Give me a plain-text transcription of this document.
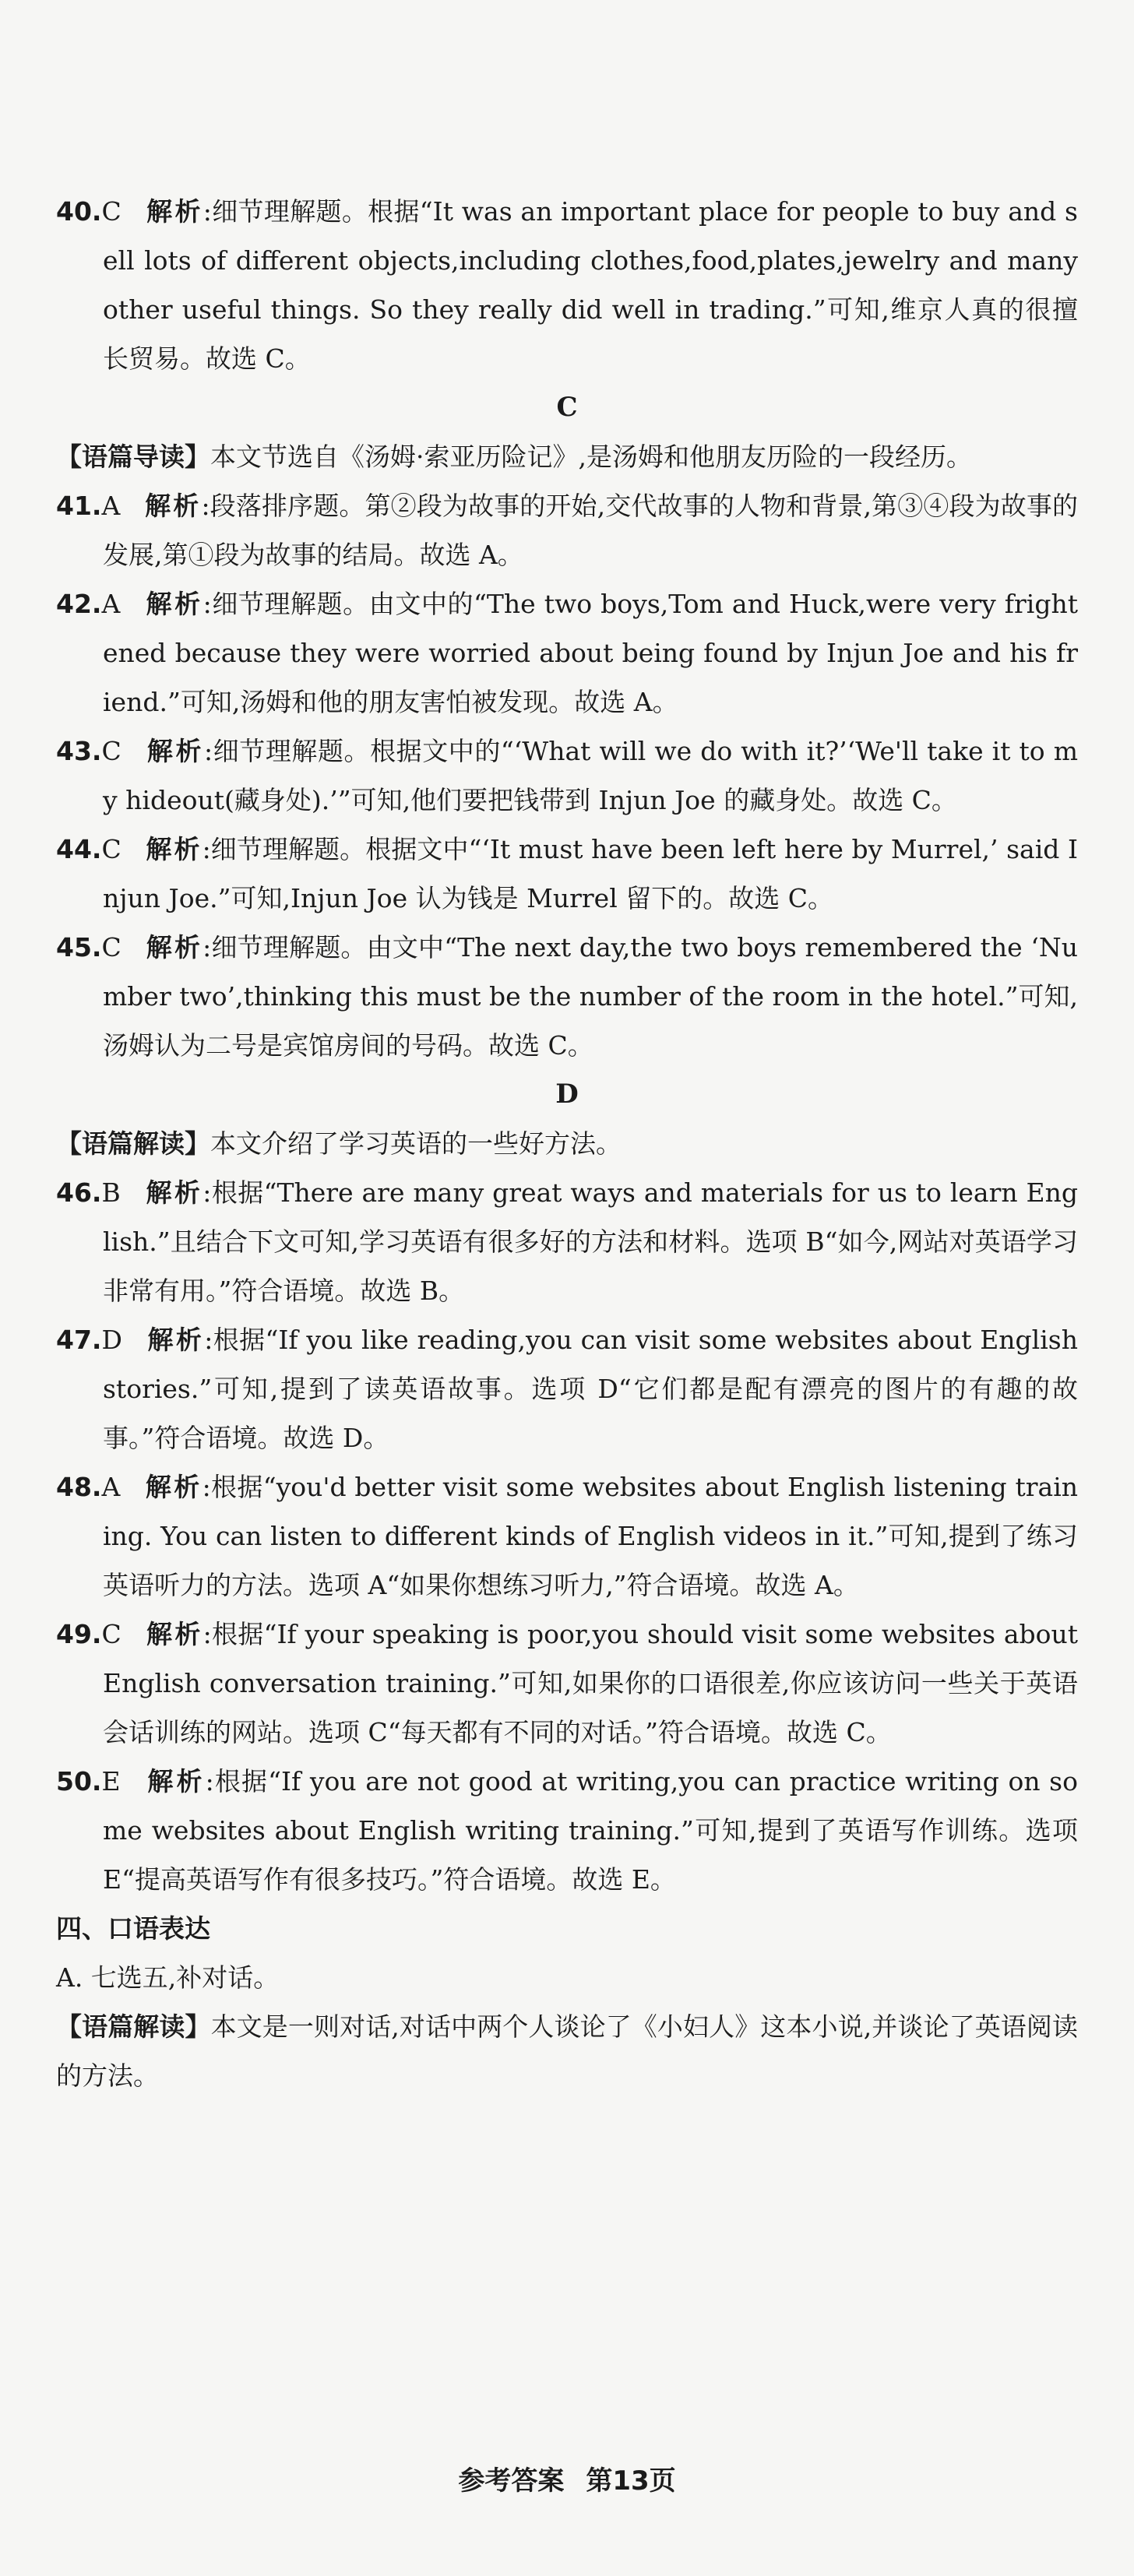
40.C 解析:细节理解题。根据“It was an important place for people to buy and sell lots of different objects,including clothes,food,plates,jewelry and many other useful things. So they really did well in trading.”可知,维京人真的很擅长贸易。故选 C。

C

【语篇导读】本文节选自《汤姆·索亚历险记》,是汤姆和他朋友历险的一段经历。

41.A 解析:段落排序题。第②段为故事的开始,交代故事的人物和背景,第③④段为故事的发展,第①段为故事的结局。故选 A。

42.A 解析:细节理解题。由文中的“The two boys,Tom and Huck,were very frightened because they were worried about being found by Injun Joe and his friend.”可知,汤姆和他的朋友害怕被发现。故选 A。

43.C 解析:细节理解题。根据文中的“‘What will we do with it?’‘We'll take it to my hideout(藏身处).’”可知,他们要把钱带到 Injun Joe 的藏身处。故选 C。

44.C 解析:细节理解题。根据文中“‘It must have been left here by Murrel,’ said Injun Joe.”可知,Injun Joe 认为钱是 Murrel 留下的。故选 C。

45.C 解析:细节理解题。由文中“The next day,the two boys remembered the ‘Number two’,thinking this must be the number of the room in the hotel.”可知,汤姆认为二号是宾馆房间的号码。故选 C。

D

【语篇解读】本文介绍了学习英语的一些好方法。

46.B 解析:根据“There are many great ways and materials for us to learn English.”且结合下文可知,学习英语有很多好的方法和材料。选项 B“如今,网站对英语学习非常有用。”符合语境。故选 B。

47.D 解析:根据“If you like reading,you can visit some websites about English stories.”可知,提到了读英语故事。选项 D“它们都是配有漂亮的图片的有趣的故事。”符合语境。故选 D。

48.A 解析:根据“you'd better visit some websites about English listening training. You can listen to different kinds of English videos in it.”可知,提到了练习英语听力的方法。选项 A“如果你想练习听力,”符合语境。故选 A。

49.C 解析:根据“If your speaking is poor,you should visit some websites about English conversation training.”可知,如果你的口语很差,你应该访问一些关于英语会话训练的网站。选项 C“每天都有不同的对话。”符合语境。故选 C。

50.E 解析:根据“If you are not good at writing,you can practice writing on some websites about English writing training.”可知,提到了英语写作训练。选项 E“提高英语写作有很多技巧。”符合语境。故选 E。

四、口语表达

A. 七选五,补对话。

【语篇解读】本文是一则对话,对话中两个人谈论了《小妇人》这本小说,并谈论了英语阅读的方法。

参考答案 第13页
